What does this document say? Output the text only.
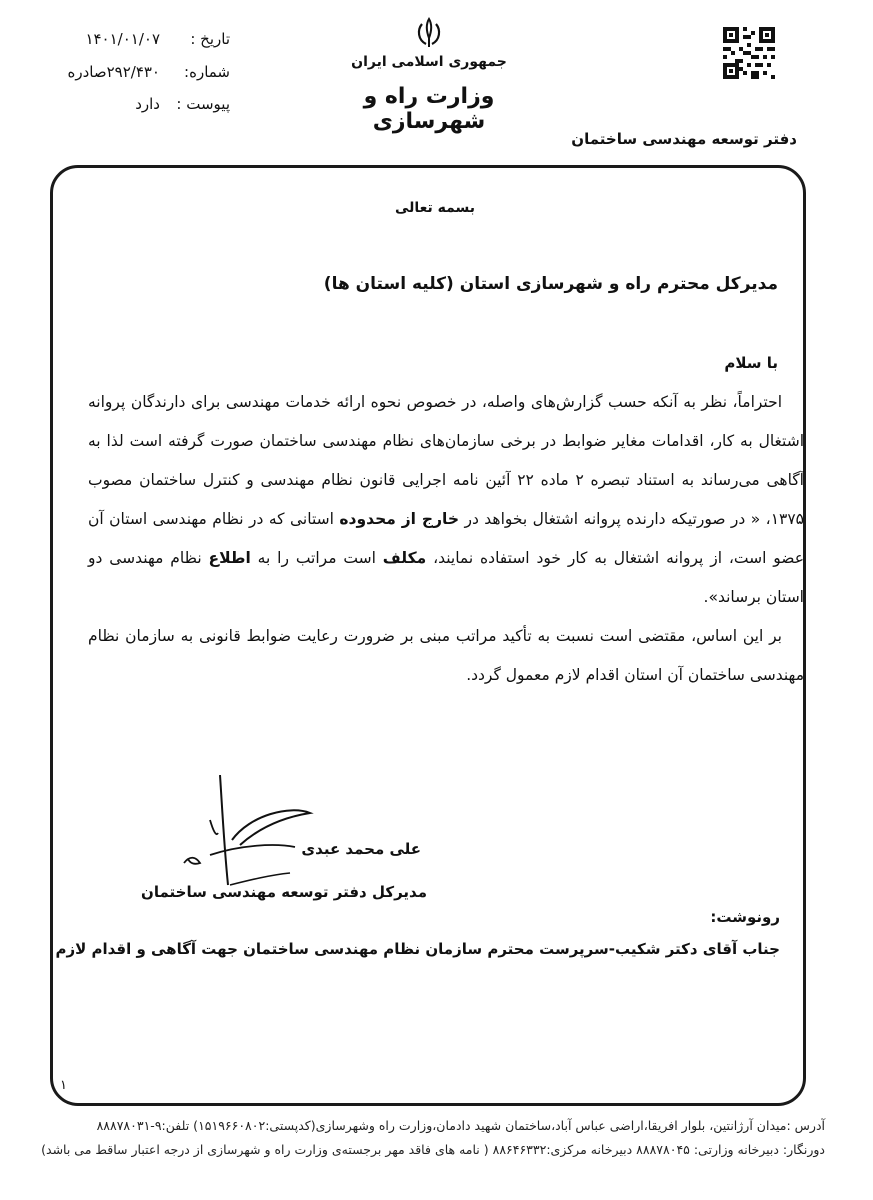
تاریخ :
۱۴۰۱/۰۱/۰۷
شماره:
۲۹۲/۴۳۰صادره
پیوست :
دارد
جمهوری اسلامی ایران
وزارت راه و شهرسازی
دفتر توسعه مهندسی ساختمان
بسمه تعالی
مدیرکل محترم راه و شهرسازی استان (کلیه استان ها)
با سلام

احتراماً، نظر به آنکه حسب گزارش‌های واصله، در خصوص نحوه ارائه خدمات مهندسی برای دارندگان پروانه اشتغال به کار، اقدامات مغایر ضوابط در برخی سازمان‌های نظام مهندسی ساختمان صورت گرفته است لذا به آگاهی می‌رساند به استناد تبصره ۲ ماده ۲۲ آئین نامه اجرایی قانون نظام مهندسی و کنترل ساختمان مصوب ۱۳۷۵، « در صورتیکه دارنده پروانه اشتغال بخواهد در خارج از محدوده استانی که در نظام مهندسی استان آن عضو است، از پروانه اشتغال به کار خود استفاده نمایند، مکلف است مراتب را به اطلاع نظام مهندسی دو استان برساند».

بر این اساس، مقتضی است نسبت به تأکید مراتب مبنی بر ضرورت رعایت ضوابط قانونی به سازمان نظام مهندسی ساختمان آن استان اقدام لازم معمول گردد.

علی محمد عبدی
مدیرکل دفتر توسعه مهندسی ساختمان
رونوشت:
جناب آقای دکتر شکیب-سرپرست محترم سازمان نظام مهندسی ساختمان جهت آگاهی و اقدام لازم
۱
آدرس :میدان آرژانتین، بلوار افریقا،اراضی عباس آباد،ساختمان شهید دادمان،وزارت راه وشهرسازی(کدپستی:۱۵۱۹۶۶۰۸۰۲) تلفن:۹-۸۸۸۷۸۰۳۱
دورنگار: دبیرخانه وزارتی: ۸۸۸۷۸۰۴۵ دبیرخانه مرکزی:۸۸۶۴۶۳۳۲ ( نامه های فاقد مهر برجسته‌ی وزارت راه و شهرسازی از درجه اعتبار ساقط می باشد)
